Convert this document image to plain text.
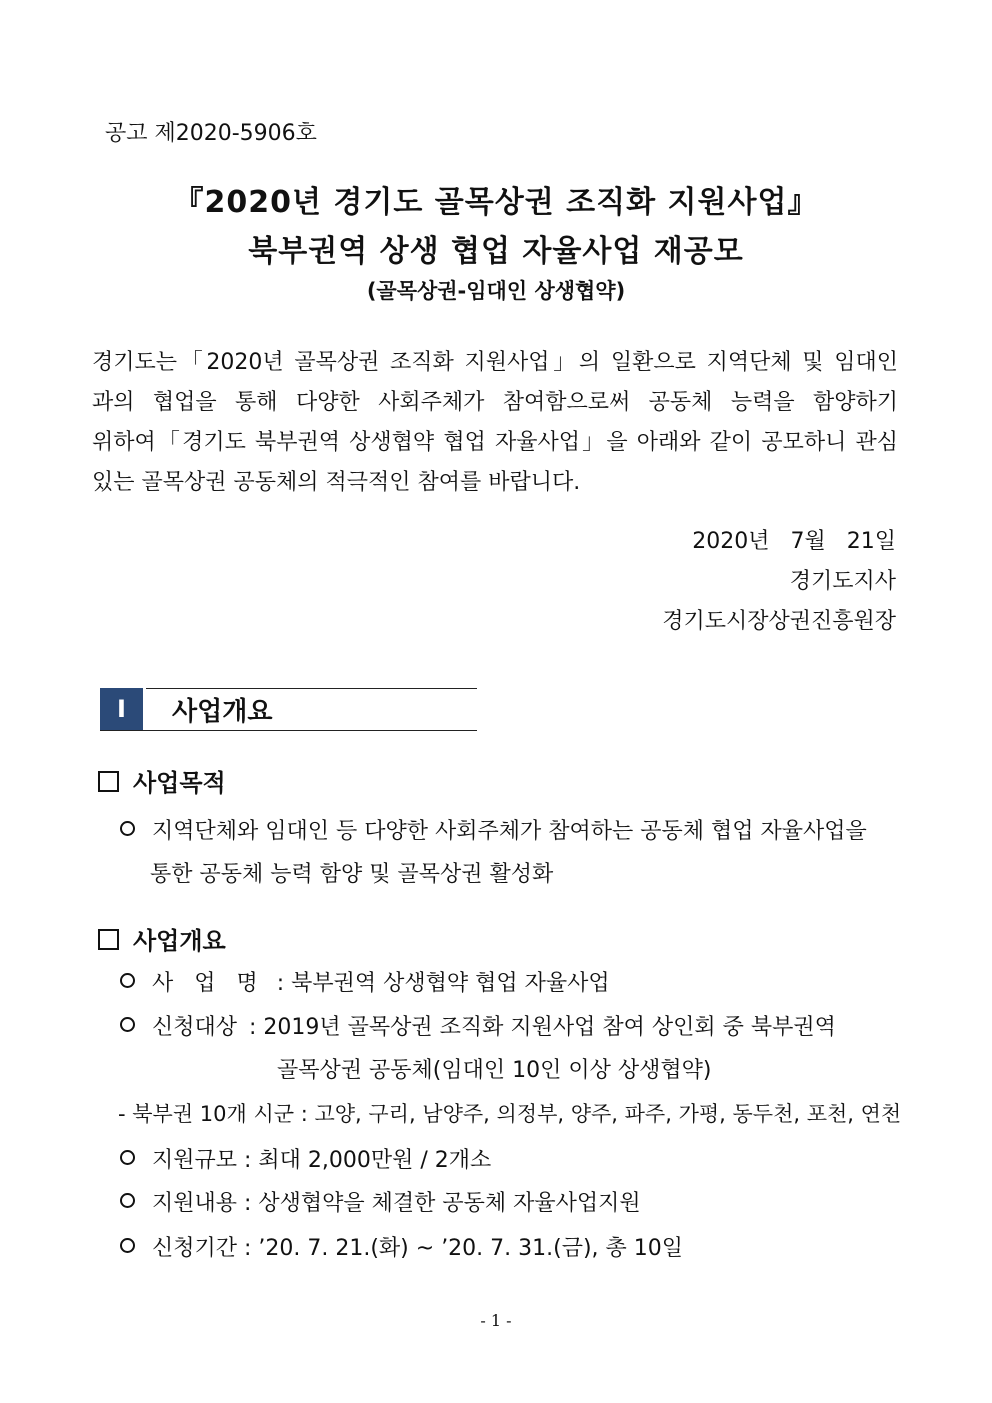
공고 제2020-5906호
『2020년 경기도 골목상권 조직화 지원사업』
북부권역 상생 협업 자율사업 재공모
(골목상권-임대인 상생협약)
경기도는「2020년 골목상권 조직화 지원사업」의 일환으로 지역단체 및 임대인
과의 협업을 통해 다양한 사회주체가 참여함으로써 공동체 능력을 함양하기
위하여「경기도 북부권역 상생협약 협업 자율사업」을 아래와 같이 공모하니 관심
있는 골목상권 공동체의 적극적인 참여를 바랍니다.
2020년 7월 21일
경기도지사
경기도시장상권진흥원장
Ⅰ	사업개요
사업목적
지역단체와 임대인 등 다양한 사회주체가 참여하는 공동체 협업 자율사업을
통한 공동체 능력 함양 및 골목상권 활성화
사업개요
사 업 명 : 북부권역 상생협약 협업 자율사업
신청대상 : 2019년 골목상권 조직화 지원사업 참여 상인회 중 북부권역
골목상권 공동체(임대인 10인 이상 상생협약)
- 북부권 10개 시군 : 고양, 구리, 남양주, 의정부, 양주, 파주, 가평, 동두천, 포천, 연천
지원규모 : 최대 2,000만원 / 2개소
지원내용 : 상생협약을 체결한 공동체 자율사업지원
신청기간 : ’20. 7. 21.(화) ~ ’20. 7. 31.(금), 총 10일
- 1 -
